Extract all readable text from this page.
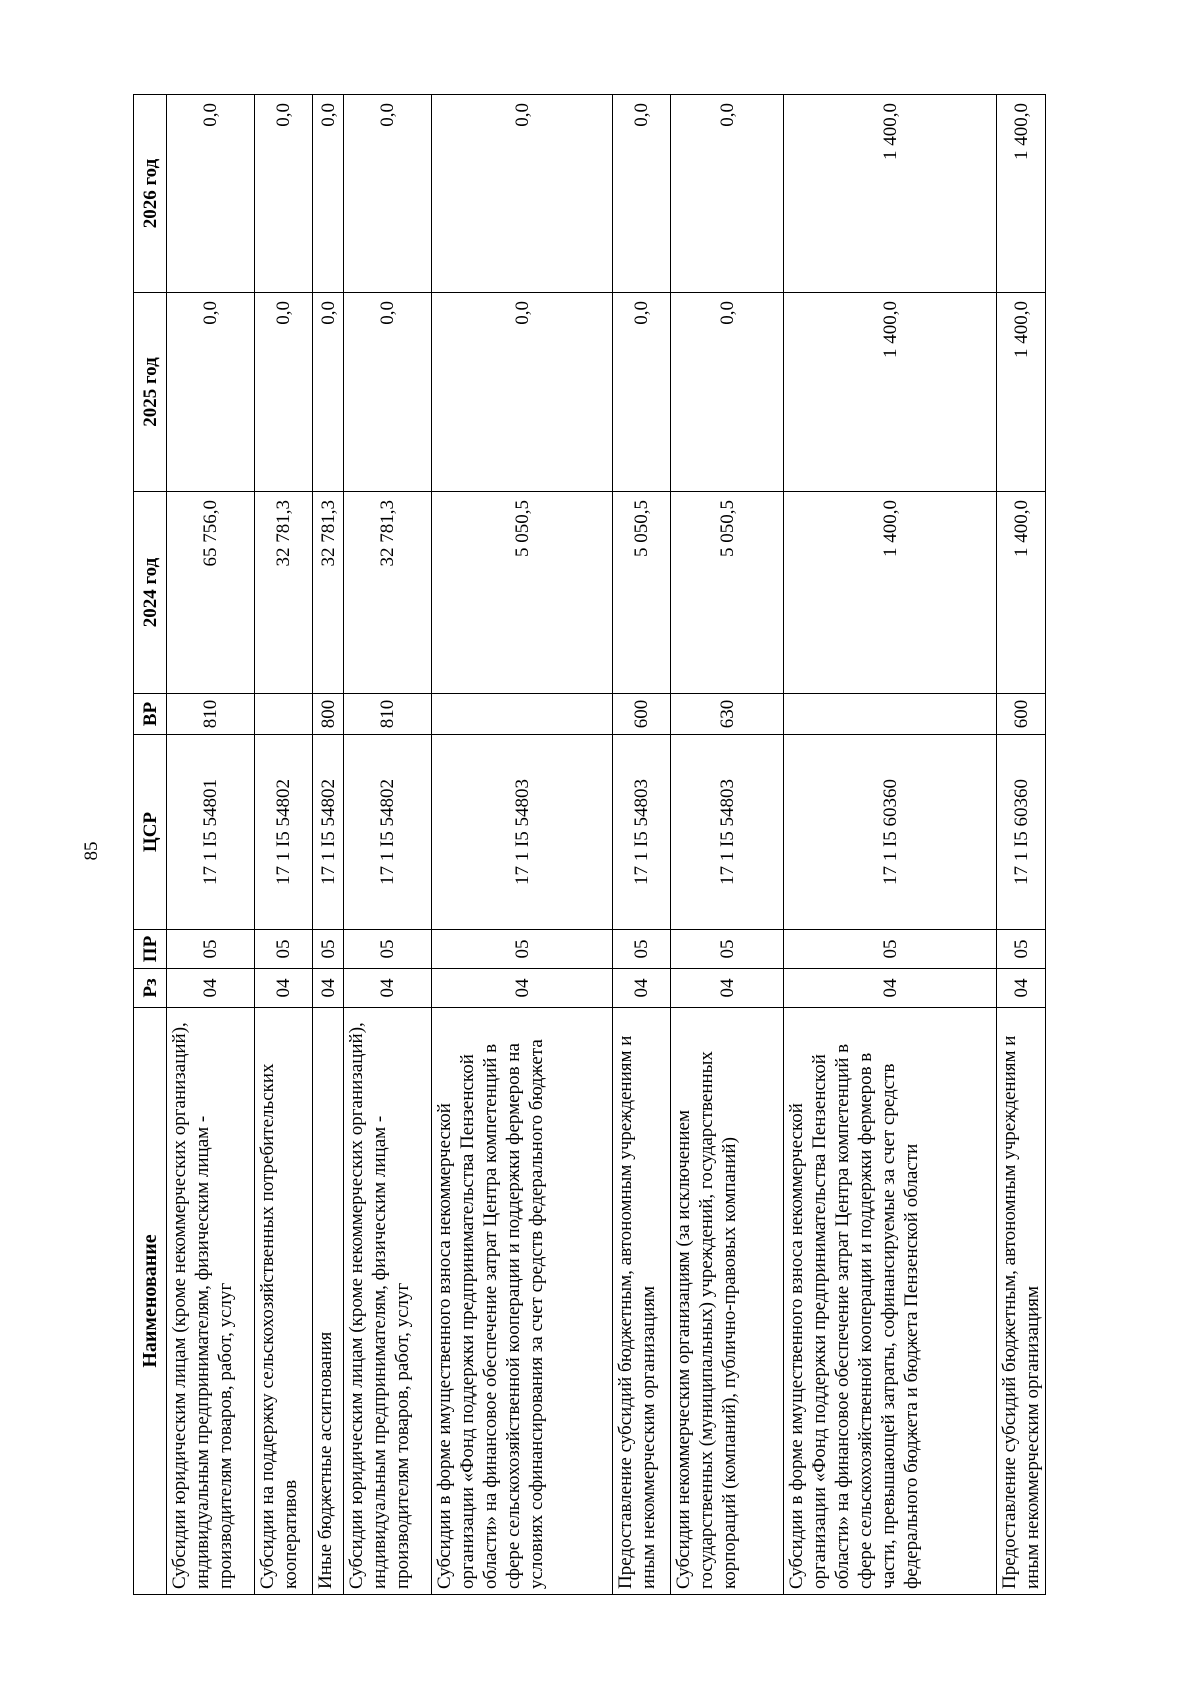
85
Наименование	Рз	ПР	ЦСР	ВР	2024 год	2025 год	2026 год
Субсидии юридическим лицам (кроме некоммерческих организаций), индивидуальным предпринимателям, физическим лицам - производителям товаров, работ, услуг	04	05	17 1 I5 54801	810	65 756,0	0,0	0,0
Субсидии на поддержку сельскохозяйственных потребительских кооперативов	04	05	17 1 I5 54802		32 781,3	0,0	0,0
Иные бюджетные ассигнования	04	05	17 1 I5 54802	800	32 781,3	0,0	0,0
Субсидии юридическим лицам (кроме некоммерческих организаций), индивидуальным предпринимателям, физическим лицам - производителям товаров, работ, услуг	04	05	17 1 I5 54802	810	32 781,3	0,0	0,0
Субсидии в форме имущественного взноса некоммерческой организации «Фонд поддержки предпринимательства Пензенской области» на финансовое обеспечение затрат Центра компетенций в сфере сельскохозяйственной кооперации и поддержки фермеров на условиях софинансирования за счет средств федерального бюджета	04	05	17 1 I5 54803		5 050,5	0,0	0,0
Предоставление субсидий бюджетным, автономным учреждениям и иным некоммерческим организациям	04	05	17 1 I5 54803	600	5 050,5	0,0	0,0
Субсидии некоммерческим организациям (за исключением государственных (муниципальных) учреждений, государственных корпораций (компаний), публично-правовых компаний)	04	05	17 1 I5 54803	630	5 050,5	0,0	0,0
Субсидии в форме имущественного взноса некоммерческой организации «Фонд поддержки предпринимательства Пензенской области» на финансовое обеспечение затрат Центра компетенций в сфере сельскохозяйственной кооперации и поддержки фермеров в части, превышающей затраты, софинансируемые за счет средств федерального бюджета и бюджета Пензенской области	04	05	17 1 I5 60360		1 400,0	1 400,0	1 400,0
Предоставление субсидий бюджетным, автономным учреждениям и иным некоммерческим организациям	04	05	17 1 I5 60360	600	1 400,0	1 400,0	1 400,0
